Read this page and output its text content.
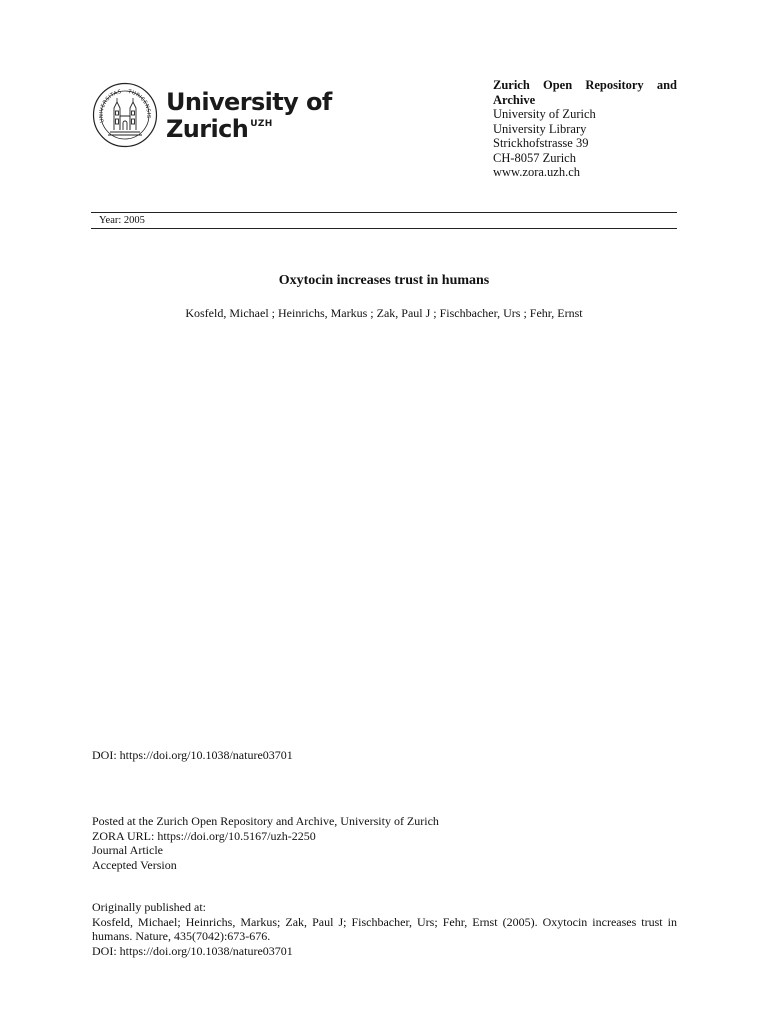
UNIVERSITAS TURICENSIS
University of
Zurich $^{UZH}$
Zurich Open Repository and Archive
University of Zurich
University Library
Strickhofstrasse 39
CH-8057 Zurich
www.zora.uzh.ch
Year: 2005
Oxytocin increases trust in humans
Kosfeld, Michael ; Heinrichs, Markus ; Zak, Paul J ; Fischbacher, Urs ; Fehr, Ernst
DOI: https://doi.org/10.1038/nature03701
Posted at the Zurich Open Repository and Archive, University of Zurich
ZORA URL: https://doi.org/10.5167/uzh-2250
Journal Article
Accepted Version
Originally published at:
Kosfeld, Michael; Heinrichs, Markus; Zak, Paul J; Fischbacher, Urs; Fehr, Ernst (2005). Oxytocin increases trust in humans. Nature, 435(7042):673-676.
DOI: https://doi.org/10.1038/nature03701
